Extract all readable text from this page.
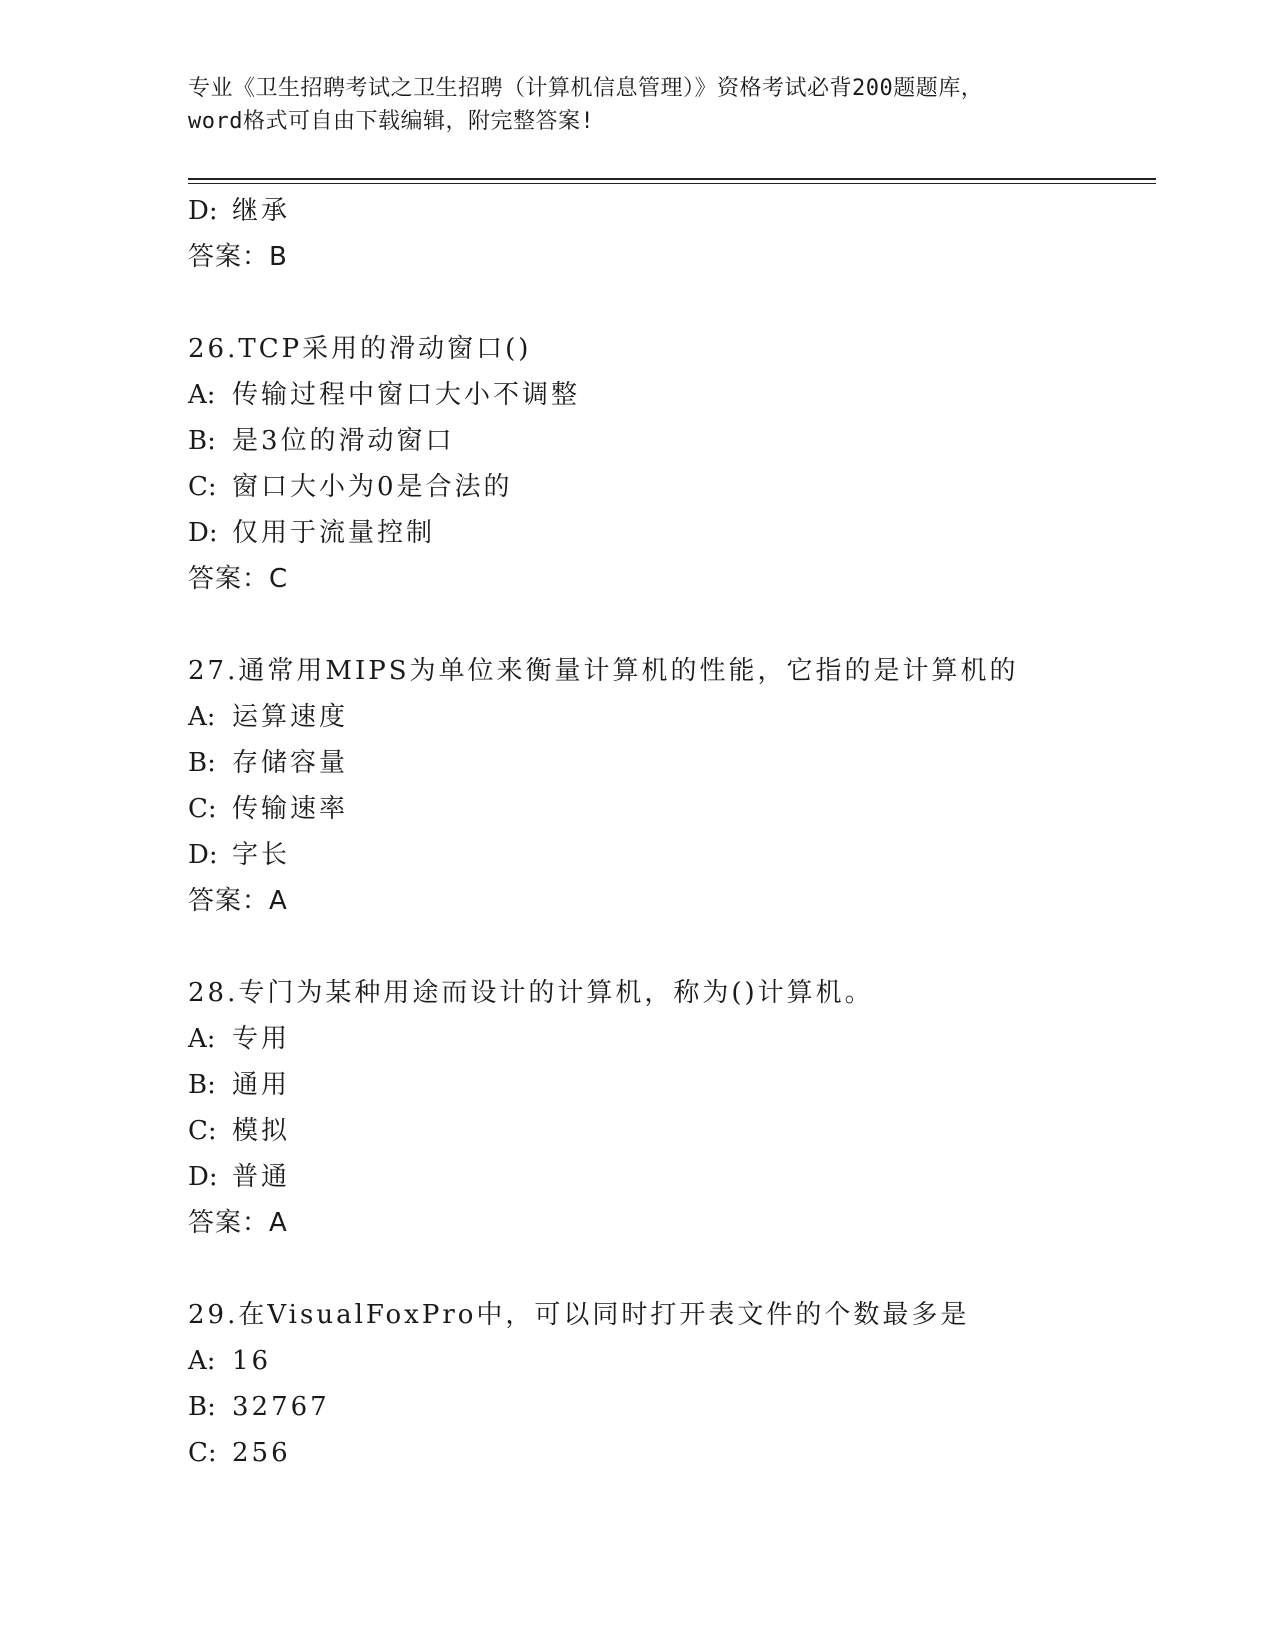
专业《卫生招聘考试之卫生招聘（计算机信息管理）》资格考试必背200题题库，
word格式可自由下载编辑，附完整答案!
D: 继承
答案：B
26.TCP采用的滑动窗口()
A: 传输过程中窗口大小不调整
B: 是3位的滑动窗口
C: 窗口大小为0是合法的
D: 仅用于流量控制
答案：C
27.通常用MIPS为单位来衡量计算机的性能，它指的是计算机的
A: 运算速度
B: 存储容量
C: 传输速率
D: 字长
答案：A
28.专门为某种用途而设计的计算机，称为()计算机。
A: 专用
B: 通用
C: 模拟
D: 普通
答案：A
29.在VisualFoxPro中，可以同时打开表文件的个数最多是
A: 16
B: 32767
C: 256
